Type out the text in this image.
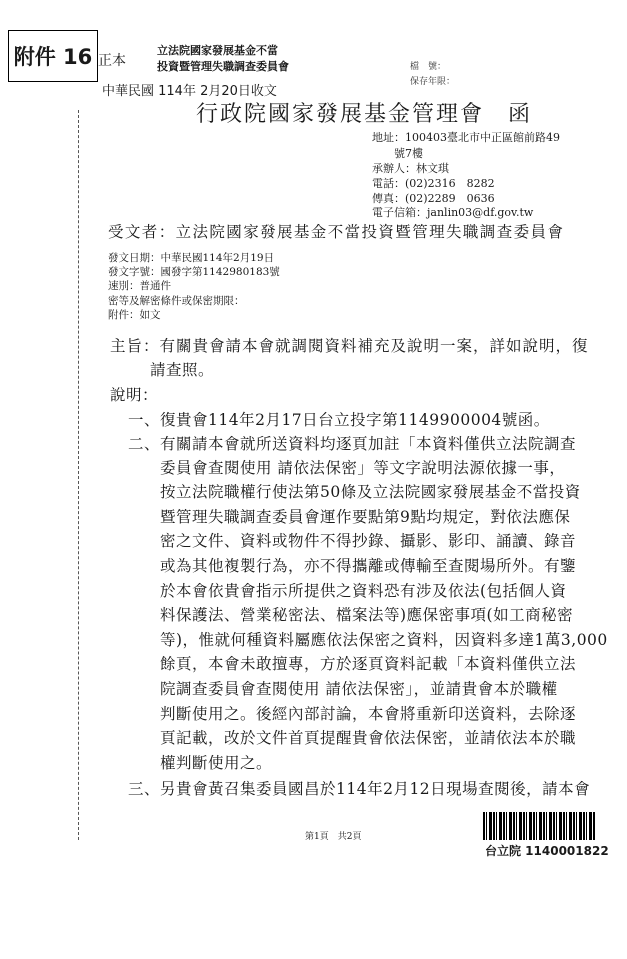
附件 16 正本
立法院國家發展基金不當
投資暨管理失職調查委員會	檔　號：
保存年限：
中華民國 114年 2月20日收文
行政院國家發展基金管理會　函
地址：100403臺北市中正區館前路49
號7樓
承辦人：林文琪
電話：(02)2316　8282
傳真：(02)2289　0636
電子信箱：janlin03@df.gov.tw
受文者：立法院國家發展基金不當投資暨管理失職調查委員會
發文日期：中華民國114年2月19日
發文字號：國發字第1142980183號
速別：普通件
密等及解密條件或保密期限：
附件：如文
主旨：有關貴會請本會就調閱資料補充及說明一案，詳如說明，復
請查照。
說明：
一、復貴會114年2月17日台立投字第1149900004號函。
二、有關請本會就所送資料均逐頁加註「本資料僅供立法院調查
委員會查閱使用 請依法保密」等文字說明法源依據一事，
按立法院職權行使法第50條及立法院國家發展基金不當投資
暨管理失職調查委員會運作要點第9點均規定，對依法應保
密之文件、資料或物件不得抄錄、攝影、影印、誦讀、錄音
或為其他複製行為，亦不得攜離或傳輸至查閱場所外。有鑒
於本會依貴會指示所提供之資料恐有涉及依法(包括個人資
料保護法、營業秘密法、檔案法等)應保密事項(如工商秘密
等)，惟就何種資料屬應依法保密之資料，因資料多達1萬3,000
餘頁，本會未敢擅專，方於逐頁資料記載「本資料僅供立法
院調查委員會查閱使用 請依法保密」，並請貴會本於職權
判斷使用之。後經內部討論，本會將重新印送資料，去除逐
頁記載，改於文件首頁提醒貴會依法保密，並請依法本於職
權判斷使用之。
三、另貴會黃召集委員國昌於114年2月12日現場查閱後，請本會
第1頁　共2頁
台立院 1140001822
